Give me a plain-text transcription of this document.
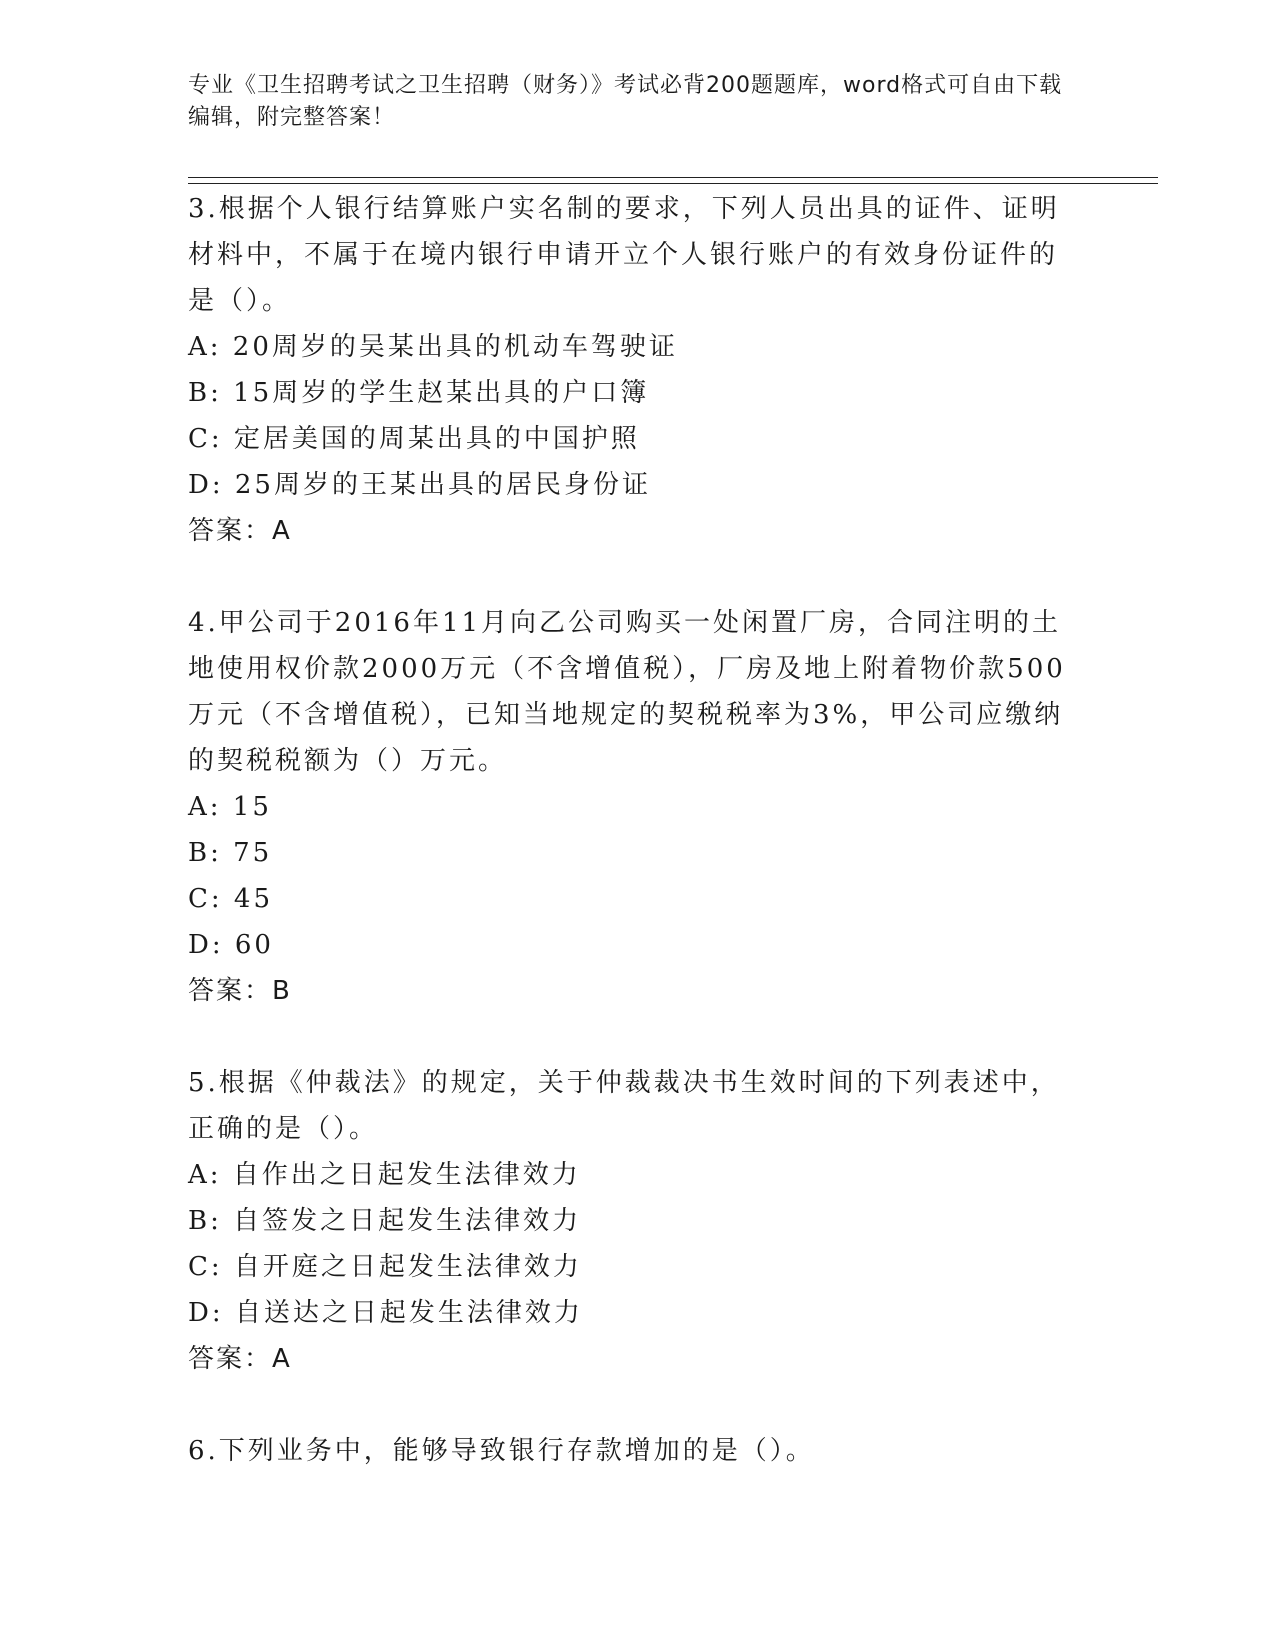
专业《卫生招聘考试之卫生招聘（财务）》考试必背200题题库，word格式可自由下载编辑，附完整答案！

3.根据个人银行结算账户实名制的要求，下列人员出具的证件、证明材料中，不属于在境内银行申请开立个人银行账户的有效身份证件的是（）。

A: 20周岁的吴某出具的机动车驾驶证

B: 15周岁的学生赵某出具的户口簿

C: 定居美国的周某出具的中国护照

D: 25周岁的王某出具的居民身份证

答案：A

4.甲公司于2016年11月向乙公司购买一处闲置厂房，合同注明的土地使用权价款2000万元（不含增值税），厂房及地上附着物价款500万元（不含增值税），已知当地规定的契税税率为3%，甲公司应缴纳的契税税额为（）万元。

A: 15

B: 75

C: 45

D: 60

答案：B

5.根据《仲裁法》的规定，关于仲裁裁决书生效时间的下列表述中，正确的是（）。

A: 自作出之日起发生法律效力

B: 自签发之日起发生法律效力

C: 自开庭之日起发生法律效力

D: 自送达之日起发生法律效力

答案：A

6.下列业务中，能够导致银行存款增加的是（）。
